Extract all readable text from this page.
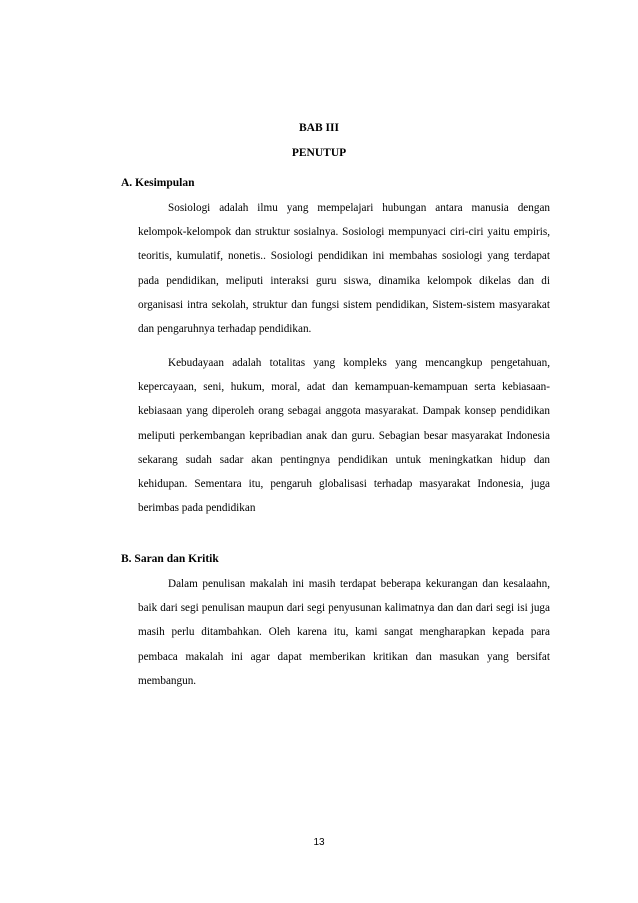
BAB III
PENUTUP
A. Kesimpulan

Sosiologi adalah ilmu yang mempelajari hubungan antara manusia dengan kelompok-kelompok dan struktur sosialnya. Sosiologi mempunyaci ciri-ciri yaitu empiris, teoritis, kumulatif, nonetis.. Sosiologi pendidikan ini membahas sosiologi yang terdapat pada pendidikan, meliputi interaksi guru siswa, dinamika kelompok dikelas dan di organisasi intra sekolah, struktur dan fungsi sistem pendidikan, Sistem-sistem masyarakat dan pengaruhnya terhadap pendidikan.

Kebudayaan adalah totalitas yang kompleks yang mencangkup pengetahuan, kepercayaan, seni, hukum, moral, adat dan kemampuan-kemampuan serta kebiasaan-kebiasaan yang diperoleh orang sebagai anggota masyarakat. Dampak konsep pendidikan meliputi perkembangan kepribadian anak dan guru. Sebagian besar masyarakat Indonesia sekarang sudah sadar akan pentingnya pendidikan untuk meningkatkan hidup dan kehidupan. Sementara itu, pengaruh globalisasi terhadap masyarakat Indonesia, juga berimbas pada pendidikan

B. Saran dan Kritik

Dalam penulisan makalah ini masih terdapat beberapa kekurangan dan kesalaahn, baik dari segi penulisan maupun dari segi penyusunan kalimatnya dan dan dari segi isi juga masih perlu ditambahkan. Oleh karena itu, kami sangat mengharapkan kepada para pembaca makalah ini agar dapat memberikan kritikan dan masukan yang bersifat membangun.

13
